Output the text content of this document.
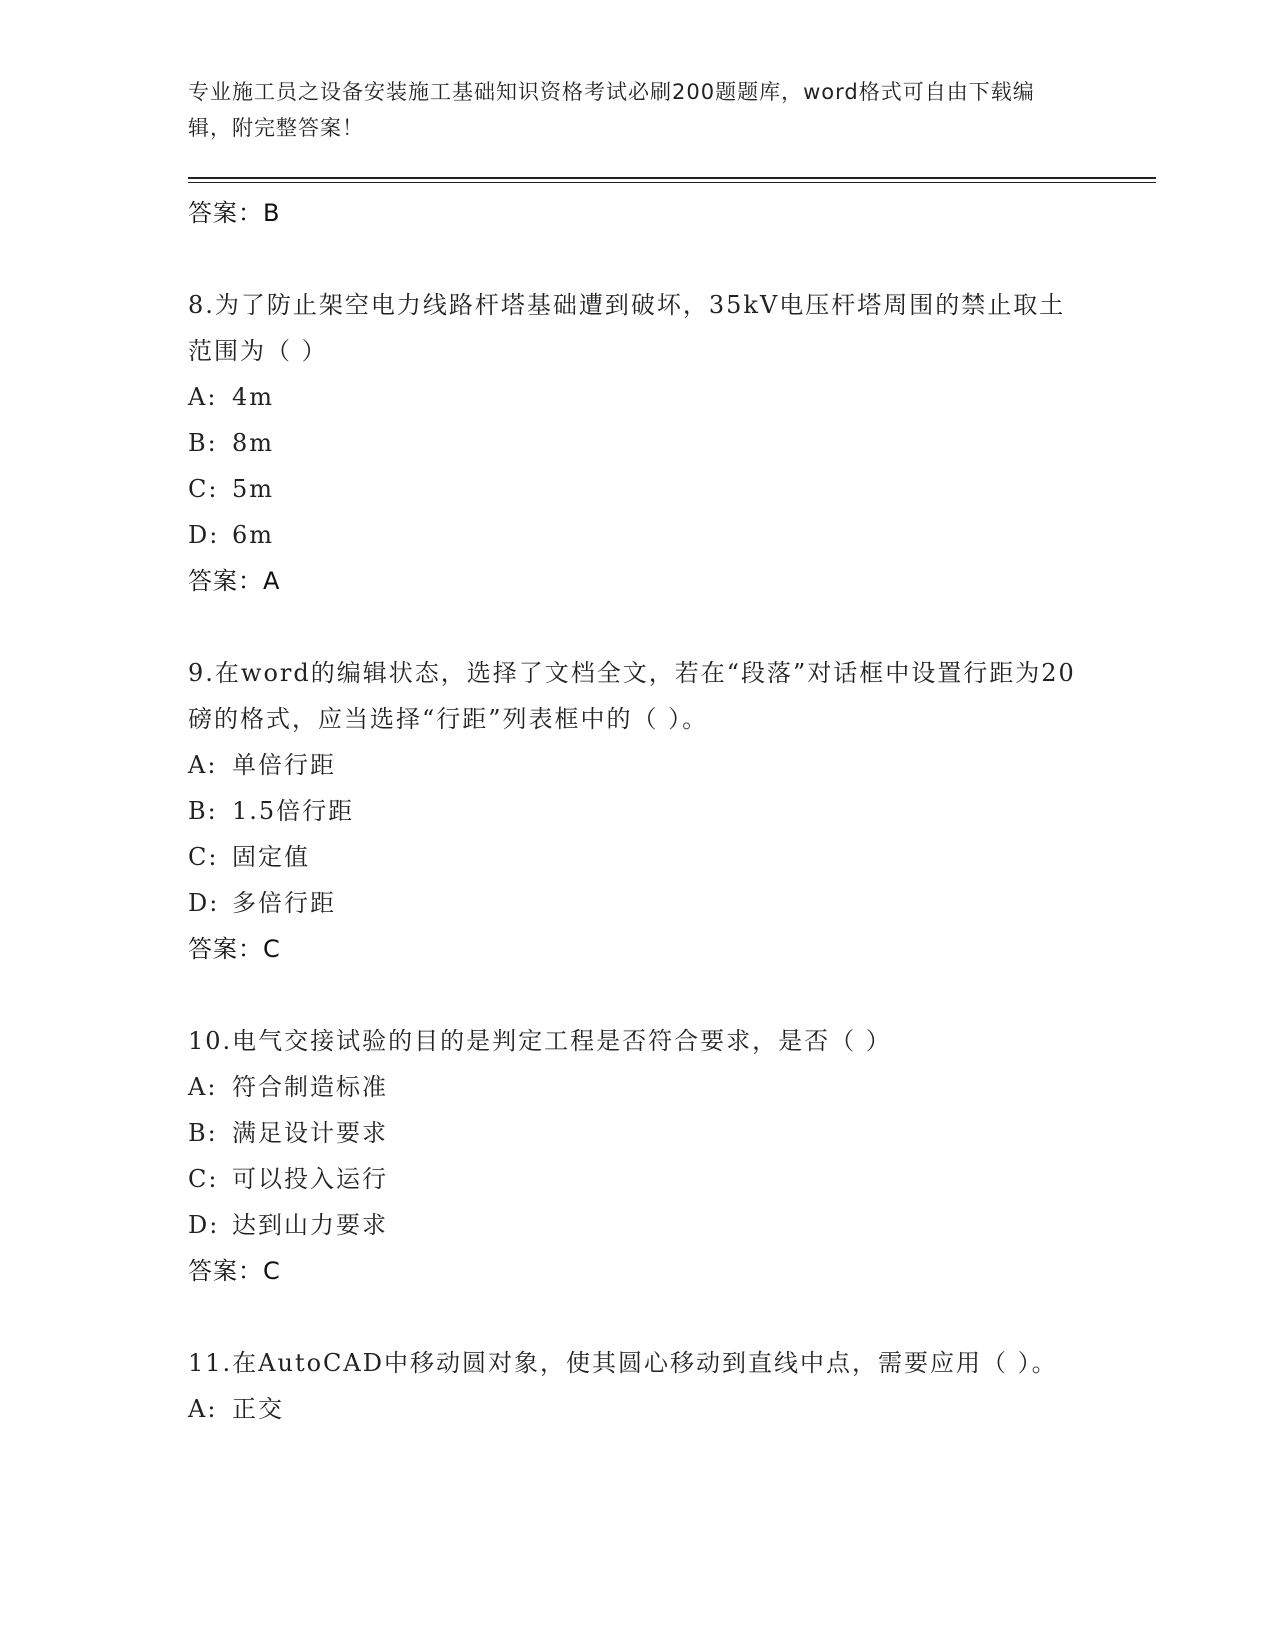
专业施工员之设备安装施工基础知识资格考试必刷200题题库，word格式可自由下载编辑，附完整答案！
答案：B
8.为了防止架空电力线路杆塔基础遭到破坏，35kV电压杆塔周围的禁止取土范围为（ ）
A: 4m
B: 8m
C: 5m
D: 6m
答案：A
9.在word的编辑状态，选择了文档全文，若在“段落”对话框中设置行距为20磅的格式，应当选择“行距”列表框中的（ ）。
A: 单倍行距
B: 1.5倍行距
C: 固定值
D: 多倍行距
答案：C
10.电气交接试验的目的是判定工程是否符合要求，是否（ ）
A: 符合制造标准
B: 满足设计要求
C: 可以投入运行
D: 达到山力要求
答案：C
11.在AutoCAD中移动圆对象，使其圆心移动到直线中点，需要应用（ ）。
A: 正交
